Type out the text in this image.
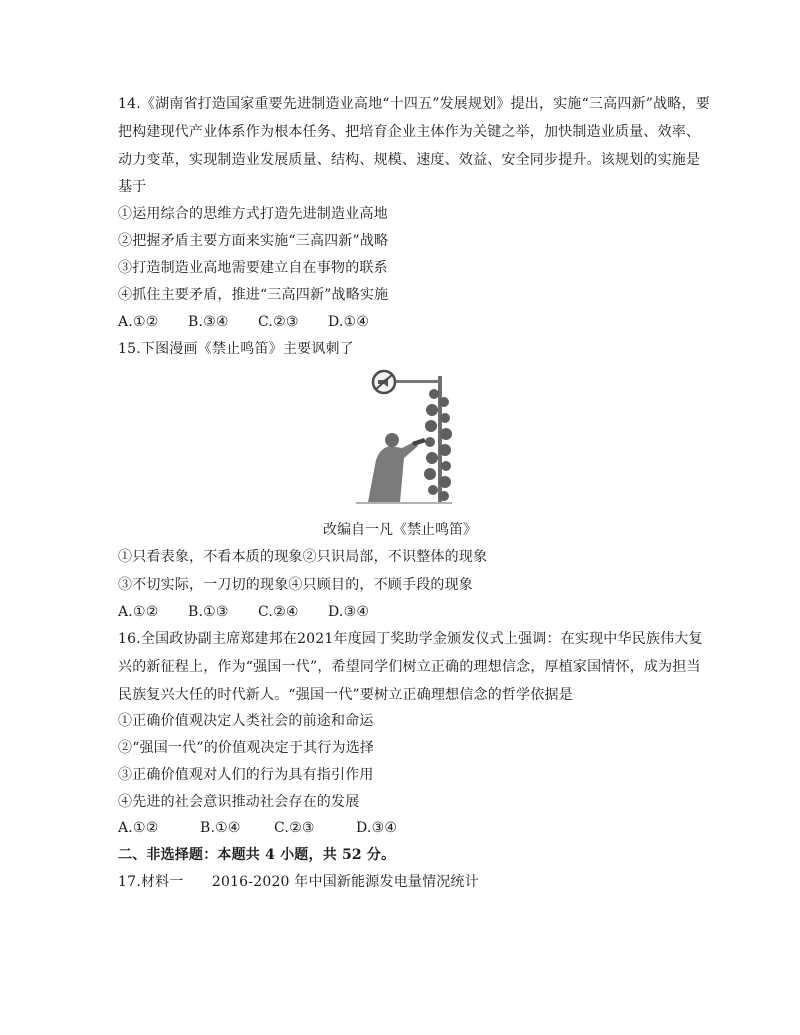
14.《湖南省打造国家重要先进制造业高地“十四五”发展规划》提出，实施“三高四新”战略，要
把构建现代产业体系作为根本任务、把培育企业主体作为关键之举，加快制造业质量、效率、
动力变革，实现制造业发展质量、结构、规模、速度、效益、安全同步提升。该规划的实施是
基于
①运用综合的思维方式打造先进制造业高地
②把握矛盾主要方面来实施“三高四新”战略
③打造制造业高地需要建立自在事物的联系
④抓住主要矛盾，推进“三高四新”战略实施
A.①② B.③④ C.②③ D.①④
15.下图漫画《禁止鸣笛》主要讽刺了
改编自一凡《禁止鸣笛》
①只看表象，不看本质的现象②只识局部，不识整体的现象
③不切实际，一刀切的现象④只顾目的，不顾手段的现象
A.①② B.①③ C.②④ D.③④
16.全国政协副主席郑建邦在2021年度园丁奖助学金颁发仪式上强调：在实现中华民族伟大复
兴的新征程上，作为“强国一代”，希望同学们树立正确的理想信念，厚植家国情怀，成为担当
民族复兴大任的时代新人。“强国一代”要树立正确理想信念的哲学依据是
①正确价值观决定人类社会的前途和命运
②“强国一代”的价值观决定于其行为选择
③正确价值观对人们的行为具有指引作用
④先进的社会意识推动社会存在的发展
A.①②	B.①④ C.②③	D.③④
二、非选择题：本题共 4 小题，共 52 分。
17.材料一　　2016-2020 年中国新能源发电量情况统计
